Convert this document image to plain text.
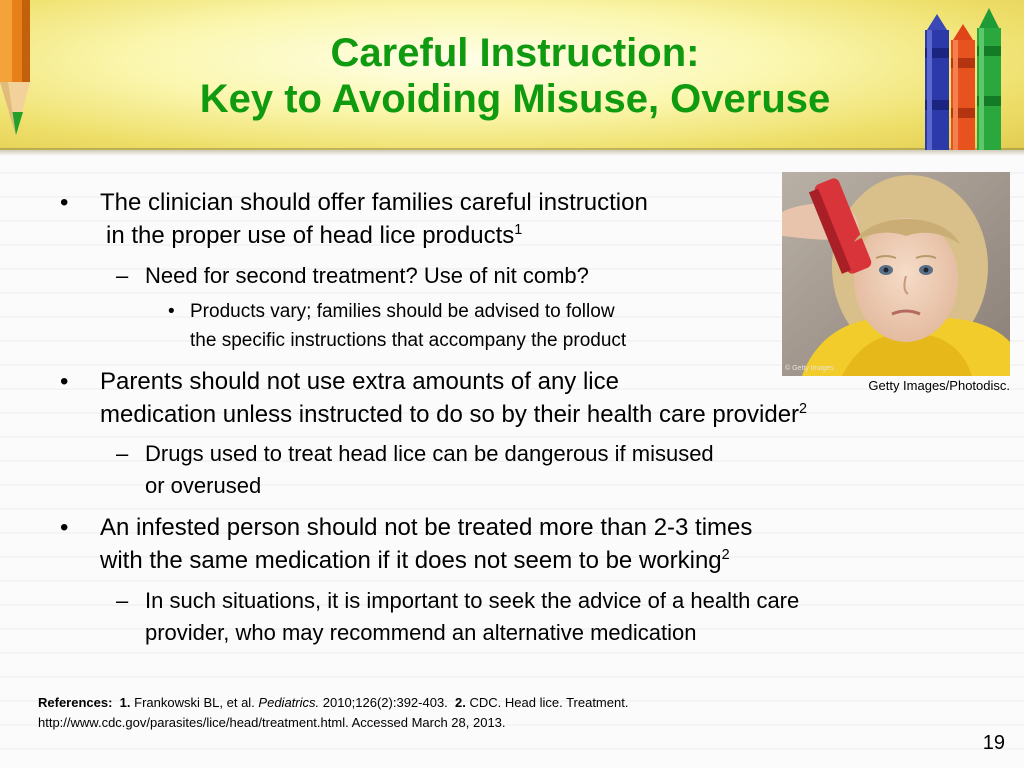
Careful Instruction:
Key to Avoiding Misuse, Overuse
© Getty Images
Getty Images/Photodisc.
• The clinician should offer families careful instruction
in the proper use of head lice products$^1$
– Need for second treatment? Use of nit comb?
• Products vary; families should be advised to follow
the specific instructions that accompany the product
• Parents should not use extra amounts of any lice
medication unless instructed to do so by their health care provider$^2$
– Drugs used to treat head lice can be dangerous if misused
or overused
• An infested person should not be treated more than 2-3 times
with the same medication if it does not seem to be working$^2$
– In such situations, it is important to seek the advice of a health care
provider, who may recommend an alternative medication
References: 1. Frankowski BL, et al. Pediatrics. 2010;126(2):392-403. 2. CDC. Head lice. Treatment.
http://www.cdc.gov/parasites/lice/head/treatment.html. Accessed March 28, 2013.
19
